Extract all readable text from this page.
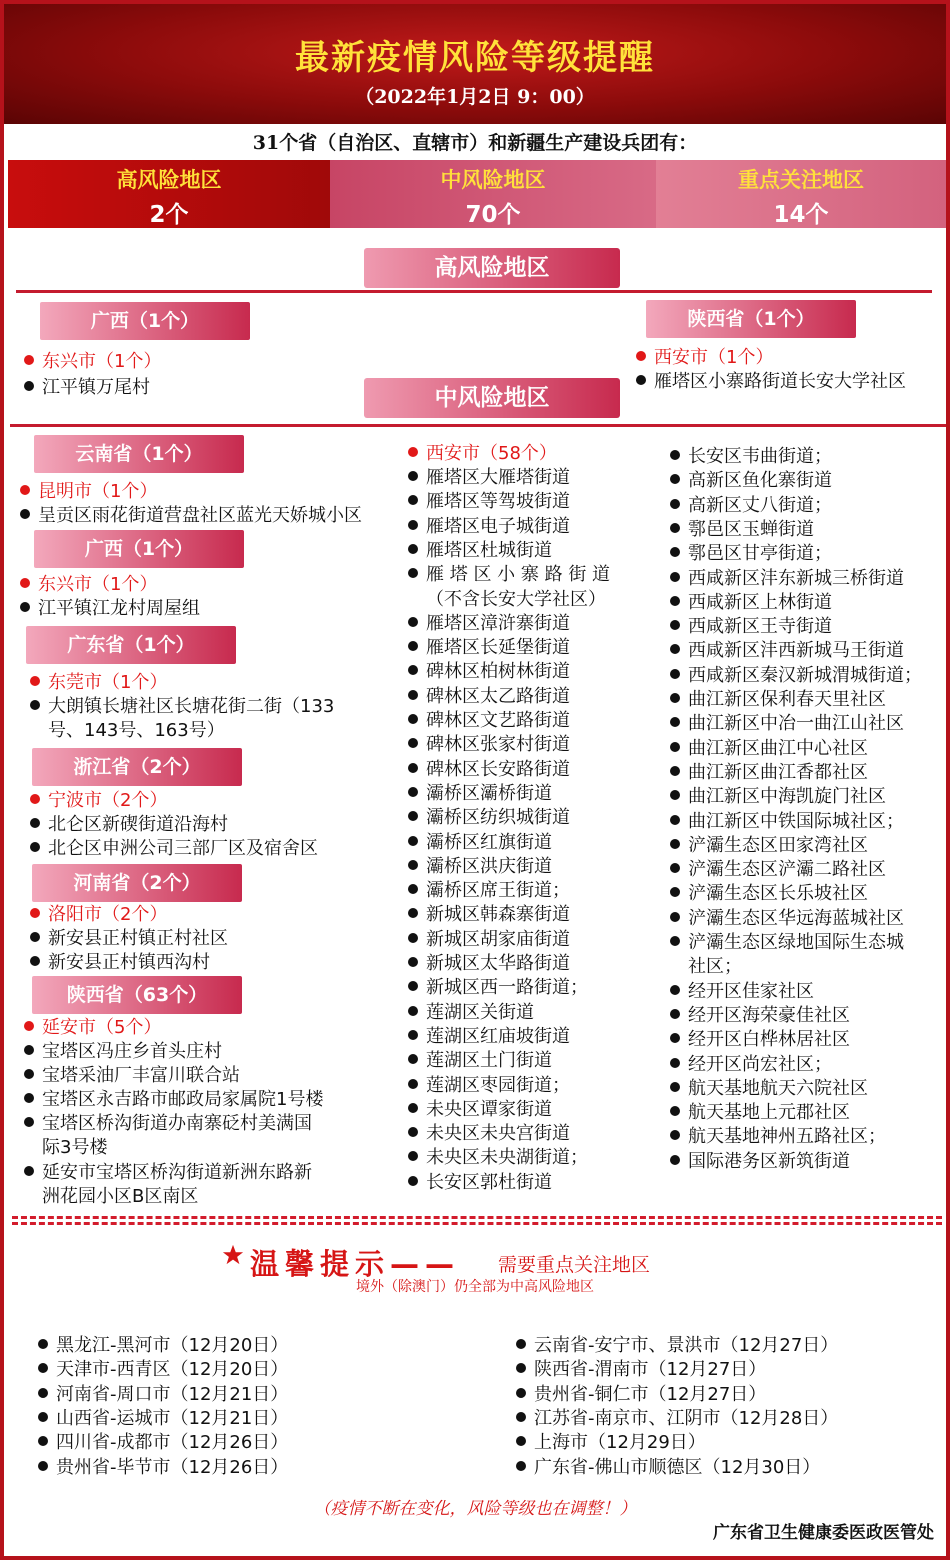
最新疫情风险等级提醒
（2022年1月2日 9：00）
31个省（自治区、直辖市）和新疆生产建设兵团有：
高风险地区
2个
中风险地区
70个
重点关注地区
14个
高风险地区
广西（1个）
东兴市（1个）
江平镇万尾村
陕西省（1个）
西安市（1个）
雁塔区小寨路街道长安大学社区
中风险地区
云南省（1个）
昆明市（1个）
呈贡区雨花街道营盘社区蓝光天娇城小区
广西（1个）
东兴市（1个）
江平镇江龙村周屋组
广东省（1个）
东莞市（1个）
大朗镇长塘社区长塘花街二街（133
号、143号、163号）
浙江省（2个）
宁波市（2个）
北仑区新碶街道沿海村
北仑区申洲公司三部厂区及宿舍区
河南省（2个）
洛阳市（2个）
新安县正村镇正村社区
新安县正村镇西沟村
陕西省（63个）
延安市（5个）
宝塔区冯庄乡首头庄村
宝塔采油厂丰富川联合站
宝塔区永吉路市邮政局家属院1号楼
宝塔区桥沟街道办南寨砭村美满国
际3号楼
延安市宝塔区桥沟街道新洲东路新
洲花园小区B区南区
西安市（58个）
雁塔区大雁塔街道
雁塔区等驾坡街道
雁塔区电子城街道
雁塔区杜城街道
雁 塔 区 小 寨 路 街 道
（不含长安大学社区）
雁塔区漳浒寨街道
雁塔区长延堡街道
碑林区柏树林街道
碑林区太乙路街道
碑林区文艺路街道
碑林区张家村街道
碑林区长安路街道
灞桥区灞桥街道
灞桥区纺织城街道
灞桥区红旗街道
灞桥区洪庆街道
灞桥区席王街道；
新城区韩森寨街道
新城区胡家庙街道
新城区太华路街道
新城区西一路街道；
莲湖区关街道
莲湖区红庙坡街道
莲湖区土门街道
莲湖区枣园街道；
未央区谭家街道
未央区未央宫街道
未央区未央湖街道；
长安区郭杜街道
长安区韦曲街道；
高新区鱼化寨街道
高新区丈八街道；
鄠邑区玉蝉街道
鄠邑区甘亭街道；
西咸新区沣东新城三桥街道
西咸新区上林街道
西咸新区王寺街道
西咸新区沣西新城马王街道
西咸新区秦汉新城渭城街道；
曲江新区保利春天里社区
曲江新区中冶一曲江山社区
曲江新区曲江中心社区
曲江新区曲江香都社区
曲江新区中海凯旋门社区
曲江新区中铁国际城社区；
浐灞生态区田家湾社区
浐灞生态区浐灞二路社区
浐灞生态区长乐坡社区
浐灞生态区华远海蓝城社区
浐灞生态区绿地国际生态城
社区；
经开区佳家社区
经开区海荣豪佳社区
经开区白桦林居社区
经开区尚宏社区；
航天基地航天六院社区
航天基地上元郡社区
航天基地神州五路社区；
国际港务区新筑街道
温馨提示—— 需要重点关注地区
境外（除澳门）仍全部为中高风险地区
黑龙江-黑河市（12月20日）
天津市-西青区（12月20日）
河南省-周口市（12月21日）
山西省-运城市（12月21日）
四川省-成都市（12月26日）
贵州省-毕节市（12月26日）
云南省-安宁市、景洪市（12月27日）
陕西省-渭南市（12月27日）
贵州省-铜仁市（12月27日）
江苏省-南京市、江阴市（12月28日）
上海市（12月29日）
广东省-佛山市顺德区（12月30日）
（疫情不断在变化，风险等级也在调整！）
广东省卫生健康委医政医管处
